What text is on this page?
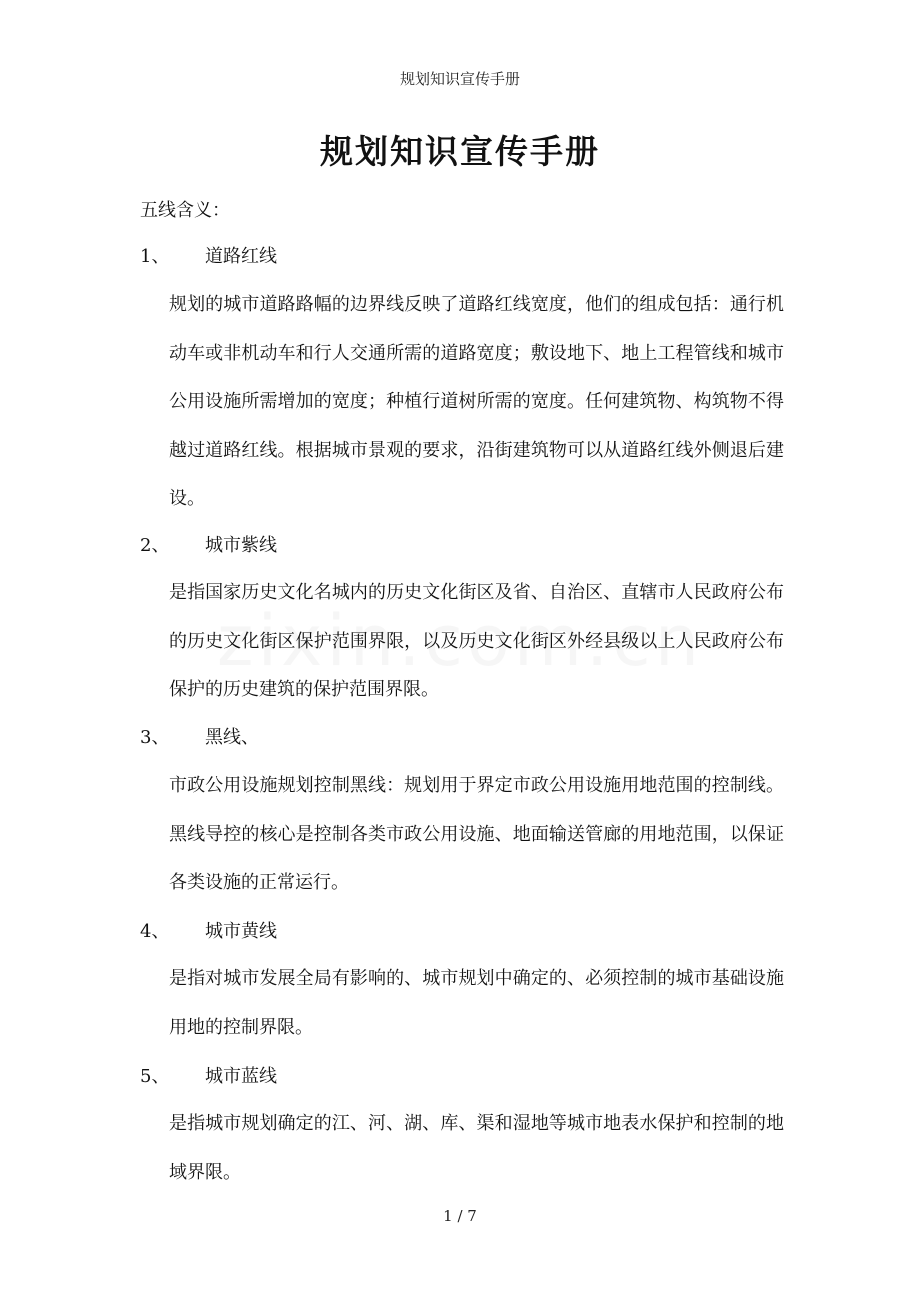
规划知识宣传手册
规划知识宣传手册
五线含义：
1、 道路红线

规划的城市道路路幅的边界线反映了道路红线宽度，他们的组成包括：通行机动车或非机动车和行人交通所需的道路宽度；敷设地下、地上工程管线和城市公用设施所需增加的宽度；种植行道树所需的宽度。任何建筑物、构筑物不得越过道路红线。根据城市景观的要求，沿街建筑物可以从道路红线外侧退后建设。

2、 城市紫线

是指国家历史文化名城内的历史文化街区及省、自治区、直辖市人民政府公布的历史文化街区保护范围界限，以及历史文化街区外经县级以上人民政府公布保护的历史建筑的保护范围界限。

3、 黑线、

市政公用设施规划控制黑线：规划用于界定市政公用设施用地范围的控制线。黑线导控的核心是控制各类市政公用设施、地面输送管廊的用地范围，以保证各类设施的正常运行。

4、 城市黄线

是指对城市发展全局有影响的、城市规划中确定的、必须控制的城市基础设施用地的控制界限。

5、 城市蓝线

是指城市规划确定的江、河、湖、库、渠和湿地等城市地表水保护和控制的地域界限。

1 / 7
